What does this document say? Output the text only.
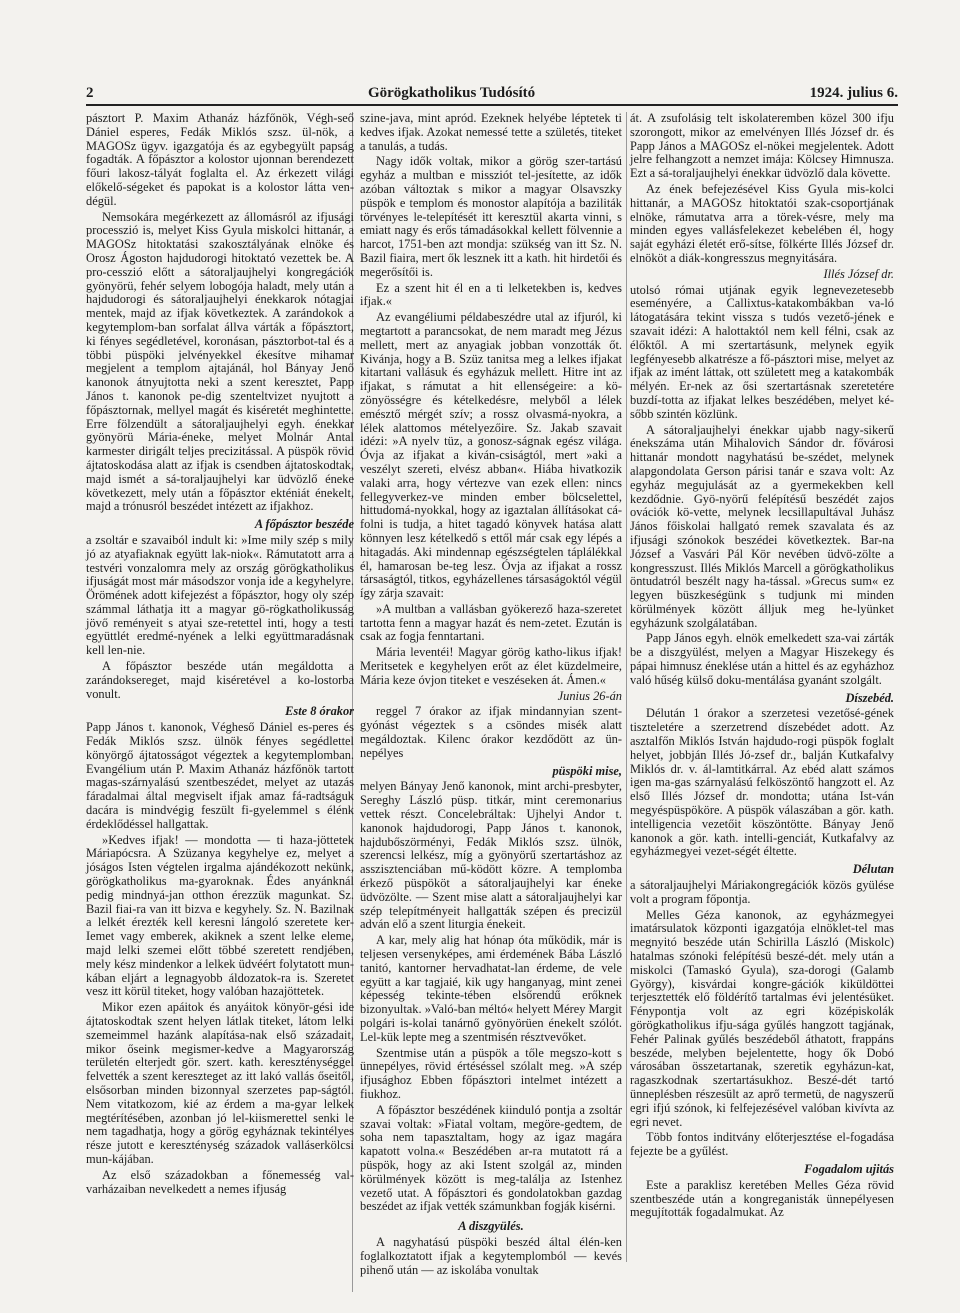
2	Görögkatholikus Tudósító	1924. julius 6.

pásztort P. Maxim Athanáz házfőnök, Végh-seő Dániel esperes, Fedák Miklós szsz. ül-nök, a MAGOSz ügyv. igazgatója és az egybegyült papság fogadták. A főpásztor a kolostor ujonnan berendezett főuri lakosz-tályát foglalta el. Az érkezett világi előkelő-ségeket és papokat is a kolostor látta ven-dégül.

Nemsokára megérkezett az állomásról az ifjusági processzió is, melyet Kiss Gyula miskolci hittanár, a MAGOSz hitoktatási szakosztályának elnöke és Orosz Ágoston hajdudorogi hitoktató vezettek be. A pro-cesszió előtt a sátoraljaujhelyi kongregációk gyönyörü, fehér selyem lobogója haladt, mely után a hajdudorogi és sátoraljaujhelyi énekkarok nótagjai mentek, majd az ifjak következtek. A zarándokok a kegytemplom-ban sorfalat állva várták a főpásztort, ki fényes segédletével, koronásan, pásztorbot-tal és a többi püspöki jelvényekkel ékesítve mihamar megjelent a templom ajtajánál, hol Bányay Jenő kanonok átnyujtotta neki a szent keresztet, Papp János t. kanonok pe-dig szenteltvizet nyujtott a főpásztornak, mellyel magát és kiséretét meghintette. Erre fölzendült a sátoraljaujhelyi egyh. énekkar gyönyörü Mária-éneke, melyet Molnár Antal karmester dirigált teljes precizitással. A püspök rövid ájtatoskodása alatt az ifjak is csendben ájtatoskodtak, majd ismét a sá-toraljaujhelyi kar üdvözlő éneke következett, mely után a főpásztor ekténiát énekelt, majd a trónusról beszédet intézett az ifjakhoz.

A főpásztor beszéde

a zsoltár e szavaiból indult ki: »Ime mily szép s mily jó az atyafiaknak együtt lak-niok«. Rámutatott arra a testvéri vonzalomra mely az ország görögkatholikus ifjuságát most már másodszor vonja ide a kegyhelyre. Örömének adott kifejezést a főpásztor, hogy oly szép számmal láthatja itt a magyar gö-rögkatholikusság jövő reményeit s atyai sze-retettel inti, hogy a testi együttlét eredmé-nyének a lelki együttmaradásnak kell len-nie.

A főpásztor beszéde után megáldotta a zarándoksereget, majd kiséretével a ko-lostorba vonult.

Este 8 órakor

Papp János t. kanonok, Végheső Dániel es-peres és Fedák Miklós szsz. ülnök fényes segédlettel könyörgő ájtatosságot végeztek a kegytemplomban. Evangélium után P. Maxim Athanáz házfőnök tartott magas-szárnyalású szentbeszédet, melyet az utazás fáradalmai által megviselt ifjak amaz fá-radtságuk dacára is mindvégig feszült fi-gyelemmel s élénk érdeklődéssel hallgattak.

»Kedves ifjak! — mondotta — ti haza-jöttetek Máriapócsra. A Szüzanya kegyhelye ez, melyet a jóságos Isten végtelen irgalma ajándékozott nekünk, görögkatholikus ma-gyaroknak. Édes anyánknál pedig mindnyá-jan otthon érezzük magunkat. Sz. Bazil fiai-ra van itt bizva e kegyhely. Sz. N. Bazilnak a lelkét érezték kell keresni lángoló szeretete ker-Iemet vagy emberek, akiknek a szent lelke eleme, majd lelki szemei előtt többé szeretett rendjében, mely kész mindenkor a lelkek üdvéért folytatott mun-kában eljárt a legnagyobb áldozatok-ra is. Szeretet vesz itt körül titeket, hogy valóban hazajöttetek.

Mikor ezen apáitok és anyáitok könyör-gési ide ájtatoskodtak szent helyen látlak titeket, látom lelki szemeimmel hazánk alapítása-nak első századait, mikor őseink megismer-kedve a Magyarország területén elterjedt gör. szert. kath. kereszténységgel felvették a szent kereszteget az itt lakó vallás őseitől, elsősorban minden bizonnyal szerzetes pap-ságtól. Nem vitatkozom, kié az érdem a ma-gyar lelkek megtérítésében, azonban jó lel-kiismerettel senki le nem tagadhatja, hogy a görög egyháznak tekintélyes része jutott e kereszténység századok valláserkölcsi mun-kájában.

Az első századokban a főnemesség val-varházaiban nevelkedett a nemes ifjuság

szine-java, mint apród. Ezeknek helyébe léptetek ti kedves ifjak. Azokat nemessé tette a születés, titeket a tanulás, a tudás.

Nagy idők voltak, mikor a görög szer-tartású egyház a multban e missziót tel-jesítette, az idők azóban változtak s mikor a magyar Olsavszky püspök e templom és monostor alapítója a baziliták törvényes le-telepítését itt keresztül akarta vinni, s emiatt nagy és erős támadásokkal kellett fölvennie a harcot, 1751-ben azt mondja: szükség van itt Sz. N. Bazil fiaira, mert ők lesznek itt a kath. hit hirdetői és megerősítői is.

Ez a szent hit él en a ti lelketekben is, kedves ifjak.«

Az evangéliumi példabeszédre utal az ifjuról, ki megtartott a parancsokat, de nem maradt meg Jézus mellett, mert az anyagiak jobban vonzották őt. Kivánja, hogy a B. Szüz tanitsa meg a lelkes ifjakat kitartani vallásuk és egyházuk mellett. Hitre int az ifjakat, s rámutat a hit ellenségeire: a kö-zönyösségre és kételkedésre, melyből a lélek emésztő mérgét szív; a rossz olvasmá-nyokra, a lélek alattomos mételyezőire. Sz. Jakab szavait idézi: »A nyelv tüz, a gonosz-ságnak egész világa. Óvja az ifjakat a kiván-csiságtól, mert »aki a veszélyt szereti, elvész abban«. Hiába hivatkozik valaki arra, hogy vértezve van ezek ellen: nincs fellegyverkez-ve minden ember bölcselettel, hittudomá-nyokkal, hogy az igaztalan állításokat cá-folni is tudja, a hitet tagadó könyvek hatása alatt könnyen lesz kételkedő s ettől már csak egy lépés a hitagadás. Aki mindennap egészségtelen táplálékkal él, hamarosan be-teg lesz. Óvja az ifjakat a rossz társaságtól, titkos, egyházellenes társaságoktól végül így zárja szavait:

»A multban a vallásban gyökerező haza-szeretet tartotta fenn a magyar hazát és nem-zetet. Ezután is csak az fogja fenntartani.

Mária leventéi! Magyar görög katho-likus ifjak! Meritsetek e kegyhelyen erőt az élet küzdelmeire, Mária keze óvjon titeket e veszéseken át. Ámen.«

Junius 26-án

reggel 7 órakor az ifjak mindannyian szent-gyónást végeztek s a csöndes misék alatt megáldoztak. Kilenc órakor kezdődött az ün-nepélyes

püspöki mise,

melyen Bányay Jenő kanonok, mint archi-presbyter, Sereghy László püsp. titkár, mint ceremonarius vettek részt. Concelebráltak: Ujhelyi Andor t. kanonok hajdudorogi, Papp János t. kanonok, hajdubőszörményi, Fedák Miklós szsz. ülnök, szerencsi lelkész, míg a gyönyörű szertartáshoz az asszisztenciában mű-ködött közre. A templomba érkező püspököt a sátoraljaujhelyi kar énekе üdvözölte. — Szent mise alatt a sátoraljaujhelyi kar szép telepítményeit hallgatták szépen és precizül adván elő a szent liturgia énekeit.

A kar, mely alig hat hónap óta működik, már is teljesen versenyképes, ami érdemének Bába László tanitó, kantorner hervadhatat-lan érdeme, de vele együtt a kar tagjaié, kik ugy hanganyag, mint zenei képesség tekinte-tében elsőrendű erőknek bizonyultak. »Való-ban méltó« helyett Mérey Margit polgári is-kolai tanárnő gyönyörüen énekelt szólót. Lel-kük lepte meg a szentmisén résztvevőket.

Szentmise után a püspök a tőle megszo-kott s ünnepélyes, rövid értéséssel szólalt meg. »A szép ifjusághoz Ebben főpásztori intelmet intézett a fiukhoz.

A főpásztor beszédének kiinduló pontja a zsoltár szavai voltak: »Fiatal voltam, megöre-gedtem, de soha nem tapasztaltam, hogy az igaz magára kapatott volna.« Beszédében ar-ra mutatott rá a püspök, hogy az aki Istent szolgál az, minden körülmények között is meg-találja az Istenhez vezető utat. A főpásztori és gondolatokban gazdag beszédet az ifjak vették számunkban fogják kisérni.

A diszgyülés.

A nagyhatású püspöki beszéd által élén-ken foglalkoztatott ifjak a kegytemplomból — kevés pihenő után — az iskolába vonultak

át. A zsufolásig telt iskolateremben közel 300 ifju szorongott, mikor az emelvényen Illés József dr. és Papp János a MAGOSz el-nökei megjelentek. Adott jelre felhangzott a nemzet imája: Kölcsey Himnusza. Ezt a sá-toraljaujhelyi énekkar üdvözlő dala követte.

Az ének befejezésével Kiss Gyula mis-kolci hittanár, a MAGOSz hitoktatói szak-csoportjának elnöke, rámutatva arra a törek-vésre, mely ma minden egyes vallásfelekezet kebelében él, hogy saját egyházi életét erő-sítse, fölkérte Illés József dr. elnököt a diák-kongresszus megnyitására.

Illés József dr.

utolsó római utjának egyik legnevezetesebb eseményére, a Callixtus-katakombákban va-ló látogatására tekint vissza s tudós vezető-jének e szavait idézi: A halottaktól nem kell félni, csak az élőktől. A mi szertartásunk, melynek egyik legfényesebb alkatrésze a fő-pásztori mise, melyet az ifjak az imént láttak, ott született meg a katakombák mélyén. Er-nek az ősi szertartásnak szeretetére buzdí-totta az ifjakat lelkes beszédében, melyet ké-sőbb szintén közlünk.

A sátoraljaujhelyi énekkar ujabb nagy-sikerű énekszáma után Mihalovich Sándor dr. fővárosi hittanár mondott nagyhatású be-szédet, melynek alapgondolata Gerson párisi tanár e szava volt: Az egyház megujulását az a gyermekekben kell kezdődnie. Gyö-nyörű felépítésű beszédét zajos ovációk kö-vette, melynek lecsillapultával Juhász János főiskolai hallgató remek szavalata és az ifjusági szónokok beszédei következtek. Bar-na József a Vasvári Pál Kör nevében üdvö-zölte a kongresszust. Illés Miklós Marcell a görögkatholikus öntudatról beszélt nagy ha-tással. »Grecus sum« ez legyen büszkeségünk s tudjunk mi minden körülmények között álljuk meg he-lyünket egyházunk szolgálatában.

Papp János egyh. elnök emelkedett sza-vai zárták be a diszgyülést, melyen a Magyar Hiszekegy és pápai himnusz éneklése után a hittel és az egyházhoz való hűség külső doku-mentálása gyanánt szolgált.

Díszebéd.

Délután 1 órakor a szerzetesi vezetősé-gének tiszteletére a szerzetrend díszebédet adott. Az asztalfőn Miklós István hajdudo-rogi püspök foglalt helyet, jobbján Illés Jó-zsef dr., balján Kutkafalvy Miklós dr. v. ál-lamtitkárral. Az ebéd alatt számos igen ma-gas szárnyalású felköszöntő hangzott el. Az első Illés József dr. mondotta; utána Ist-ván megyéspüspököre. A püspök válaszában a gör. kath. intelligencia vezetőit köszöntötte. Bányay Jenő kanonok a gör. kath. intelli-genciát, Kutkafalvy az egyházmegyei vezet-ségét éltette.

Délutan

a sátoraljaujhelyi Máriakongregációk közös gyülése volt a program főpontja.

Melles Géza kanonok, az egyházmegyei imatársulatok központi igazgatója elnöklet-tel mas megnyitó beszéde után Schirilla László (Miskolc) hatalmas szónoki felépítésü beszé-dét. mely után a miskolci (Tamaskó Gyula), sza-dorogi (Galamb György), kisvárdai kongre-gációk kiküldöttei terjesztették elő földérítő tartalmas évi jelentésüket. Fénypontja volt az egri középiskolák görögkatholikus ifju-sága gyűlés hangzott tagjának, Fehér Palinak gyűlés beszédeből áthatott, frappáns beszéde, melyben bejelentette, hogy ők Dobó városában összetartanak, szeretik egyházun-kat, ragaszkodnak szertartásukhoz. Beszé-dét tartó ünneplésben részesült az aprő termetü, de nagyszerű egri ifjú szónok, ki felfejezésével valóban kivívta az egri nevet.

Több fontos inditvány előterjesztése el-fogadása fejezte be a gyűlést.

Fogadalom ujitás

Este a paraklisz keretében Melles Géza rövid szentbeszéde után a kongreganisták ünnepélyesen megujították fogadalmukat. Az
